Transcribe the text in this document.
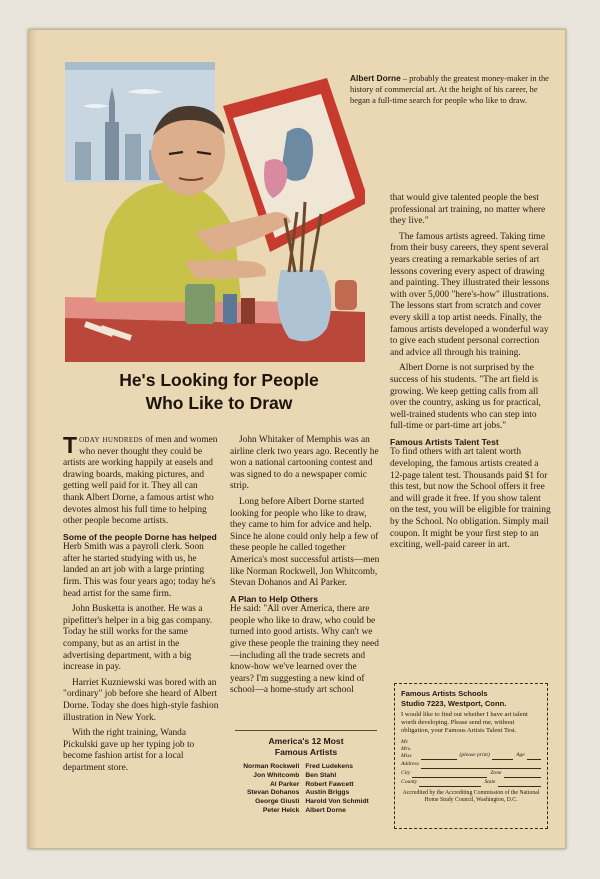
Albert Dorne – probably the greatest money-maker in the history of commercial art. At the height of his career, he began a full-time search for people who like to draw.
He's Looking for People
Who Like to Draw

Today hundreds of men and women who never thought they could be artists are working happily at easels and drawing boards, making pictures, and getting well paid for it. They all can thank Albert Dorne, a famous artist who devotes almost his full time to helping other people become artists.

Some of the people Dorne has helped

Herb Smith was a payroll clerk. Soon after he started studying with us, he landed an art job with a large printing firm. This was four years ago; today he's head artist for the same firm.

John Busketta is another. He was a pipefitter's helper in a big gas company. Today he still works for the same company, but as an artist in the advertising department, with a big increase in pay.

Harriet Kuzniewski was bored with an "ordinary" job before she heard of Albert Dorne. Today she does high-style fashion illustration in New York.

With the right training, Wanda Pickulski gave up her typing job to become fashion artist for a local department store.

John Whitaker of Memphis was an airline clerk two years ago. Recently he won a national cartooning contest and was signed to do a newspaper comic strip.

Long before Albert Dorne started looking for people who like to draw, they came to him for advice and help. Since he alone could only help a few of these people he called together America's most successful artists—men like Norman Rockwell, Jon Whitcomb, Stevan Dohanos and Al Parker.

A Plan to Help Others

He said: "All over America, there are people who like to draw, who could be turned into good artists. Why can't we give these people the training they need—including all the trade secrets and know-how we've learned over the years? I'm suggesting a new kind of school—a home-study art school

America's 12 Most
Famous Artists
Norman Rockwell
Jon Whitcomb
Al Parker
Stevan Dohanos
George Giusti
Peter Helck
Fred Ludekens
Ben Stahl
Robert Fawcett
Austin Briggs
Harold Von Schmidt
Albert Dorne

that would give talented people the best professional art training, no matter where they live."

The famous artists agreed. Taking time from their busy careers, they spent several years creating a remarkable series of art lessons covering every aspect of drawing and painting. They illustrated their lessons with over 5,000 "here's-how" illustrations. The lessons start from scratch and cover every skill a top artist needs. Finally, the famous artists developed a wonderful way to give each student personal correction and advice all through his training.

Albert Dorne is not surprised by the success of his students. "The art field is growing. We keep getting calls from all over the country, asking us for practical, well-trained students who can step into full-time or part-time art jobs."

Famous Artists Talent Test

To find others with art talent worth developing, the famous artists created a 12-page talent test. Thousands paid $1 for this test, but now the School offers it free and will grade it free. If you show talent on the test, you will be eligible for training by the School. No obligation. Simply mail coupon. It might be your first step to an exciting, well-paid career in art.

Famous Artists Schools
Studio 7223, Westport, Conn.
I would like to find out whether I have art talent worth developing. Please send me, without obligation, your Famous Artists Talent Test.
Mr.
Mrs.
Miss	(please print)	Age
Address
City	Zone
County	State
Accredited by the Accrediting Commission of the National Home Study Council, Washington, D.C.
